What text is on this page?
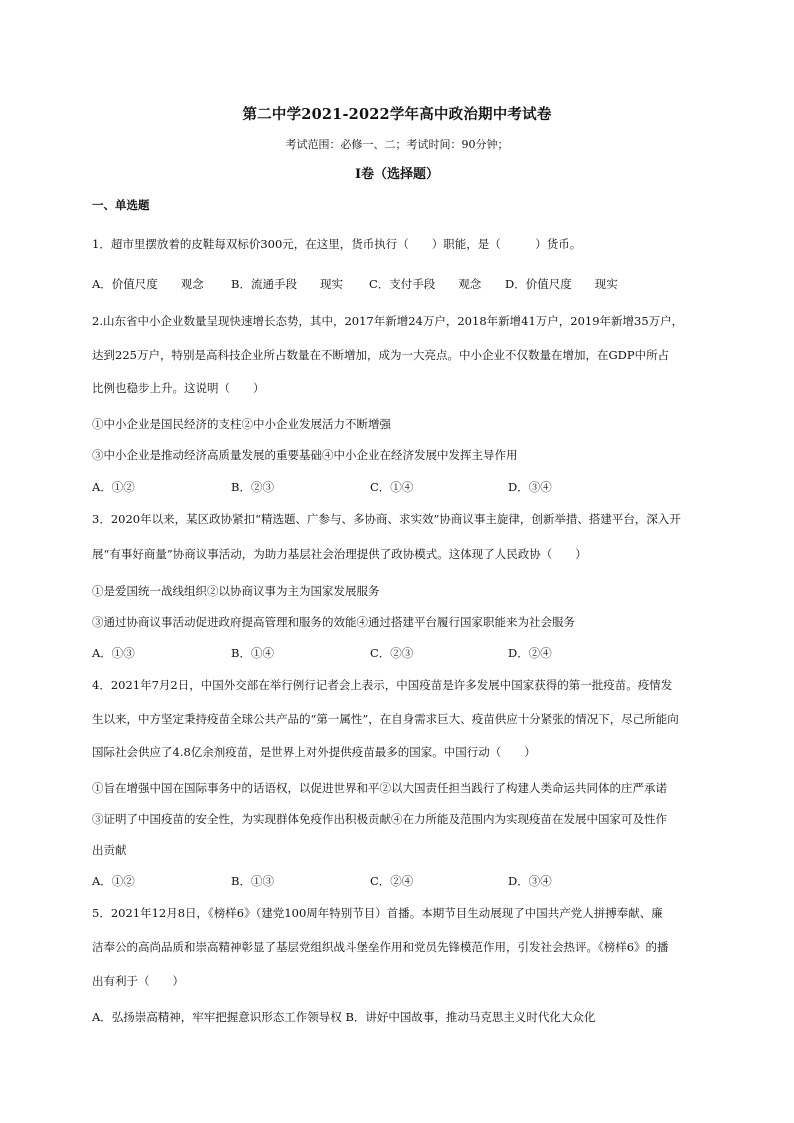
第二中学2021-2022学年高中政治期中考试卷
考试范围：必修一、二；考试时间：90分钟；
I卷（选择题）
一、单选题
1．超市里摆放着的皮鞋每双标价300元，在这里，货币执行（　　）职能，是（　　　）货币。
A．价值尺度　　观念 B．流通手段　　现实 C．支付手段　　观念 D．价值尺度　　现实
2.山东省中小企业数量呈现快速增长态势，其中，2017年新增24万户，2018年新增41万户，2019年新增35万户，
达到225万户，特别是高科技企业所占数量在不断增加，成为一大亮点。中小企业不仅数量在增加，在GDP中所占
比例也稳步上升。这说明（　　）
①中小企业是国民经济的支柱②中小企业发展活力不断增强
③中小企业是推动经济高质量发展的重要基础④中小企业在经济发展中发挥主导作用
A．①②	B．②③	C．①④	D．③④
3．2020年以来，某区政协紧扣“精选题、广参与、多协商、求实效”协商议事主旋律，创新举措、搭建平台，深入开
展“有事好商量”协商议事活动，为助力基层社会治理提供了政协模式。这体现了人民政协（　　）
①是爱国统一战线组织②以协商议事为主为国家发展服务
③通过协商议事活动促进政府提高管理和服务的效能④通过搭建平台履行国家职能来为社会服务
A．①③	B．①④	C．②③	D．②④
4．2021年7月2日，中国外交部在举行例行记者会上表示，中国疫苗是许多发展中国家获得的第一批疫苗。疫情发
生以来，中方坚定秉持疫苗全球公共产品的“第一属性”，在自身需求巨大、疫苗供应十分紧张的情况下，尽己所能向
国际社会供应了4.8亿余剂疫苗，是世界上对外提供疫苗最多的国家。中国行动（　　）
①旨在增强中国在国际事务中的话语权，以促进世界和平②以大国责任担当践行了构建人类命运共同体的庄严承诺
③证明了中国疫苗的安全性，为实现群体免疫作出积极贡献④在力所能及范围内为实现疫苗在发展中国家可及性作
出贡献
A．①②	B．①③	C．②④	D．③④
5．2021年12月8日，《榜样6》（建党100周年特别节目）首播。本期节目生动展现了中国共产党人拼搏奉献、廉
洁奉公的高尚品质和崇高精神彰显了基层党组织战斗堡垒作用和党员先锋模范作用，引发社会热评。《榜样6》的播
出有利于（　　）
A．弘扬崇高精神，牢牢把握意识形态工作领导权 B．讲好中国故事，推动马克思主义时代化大众化
